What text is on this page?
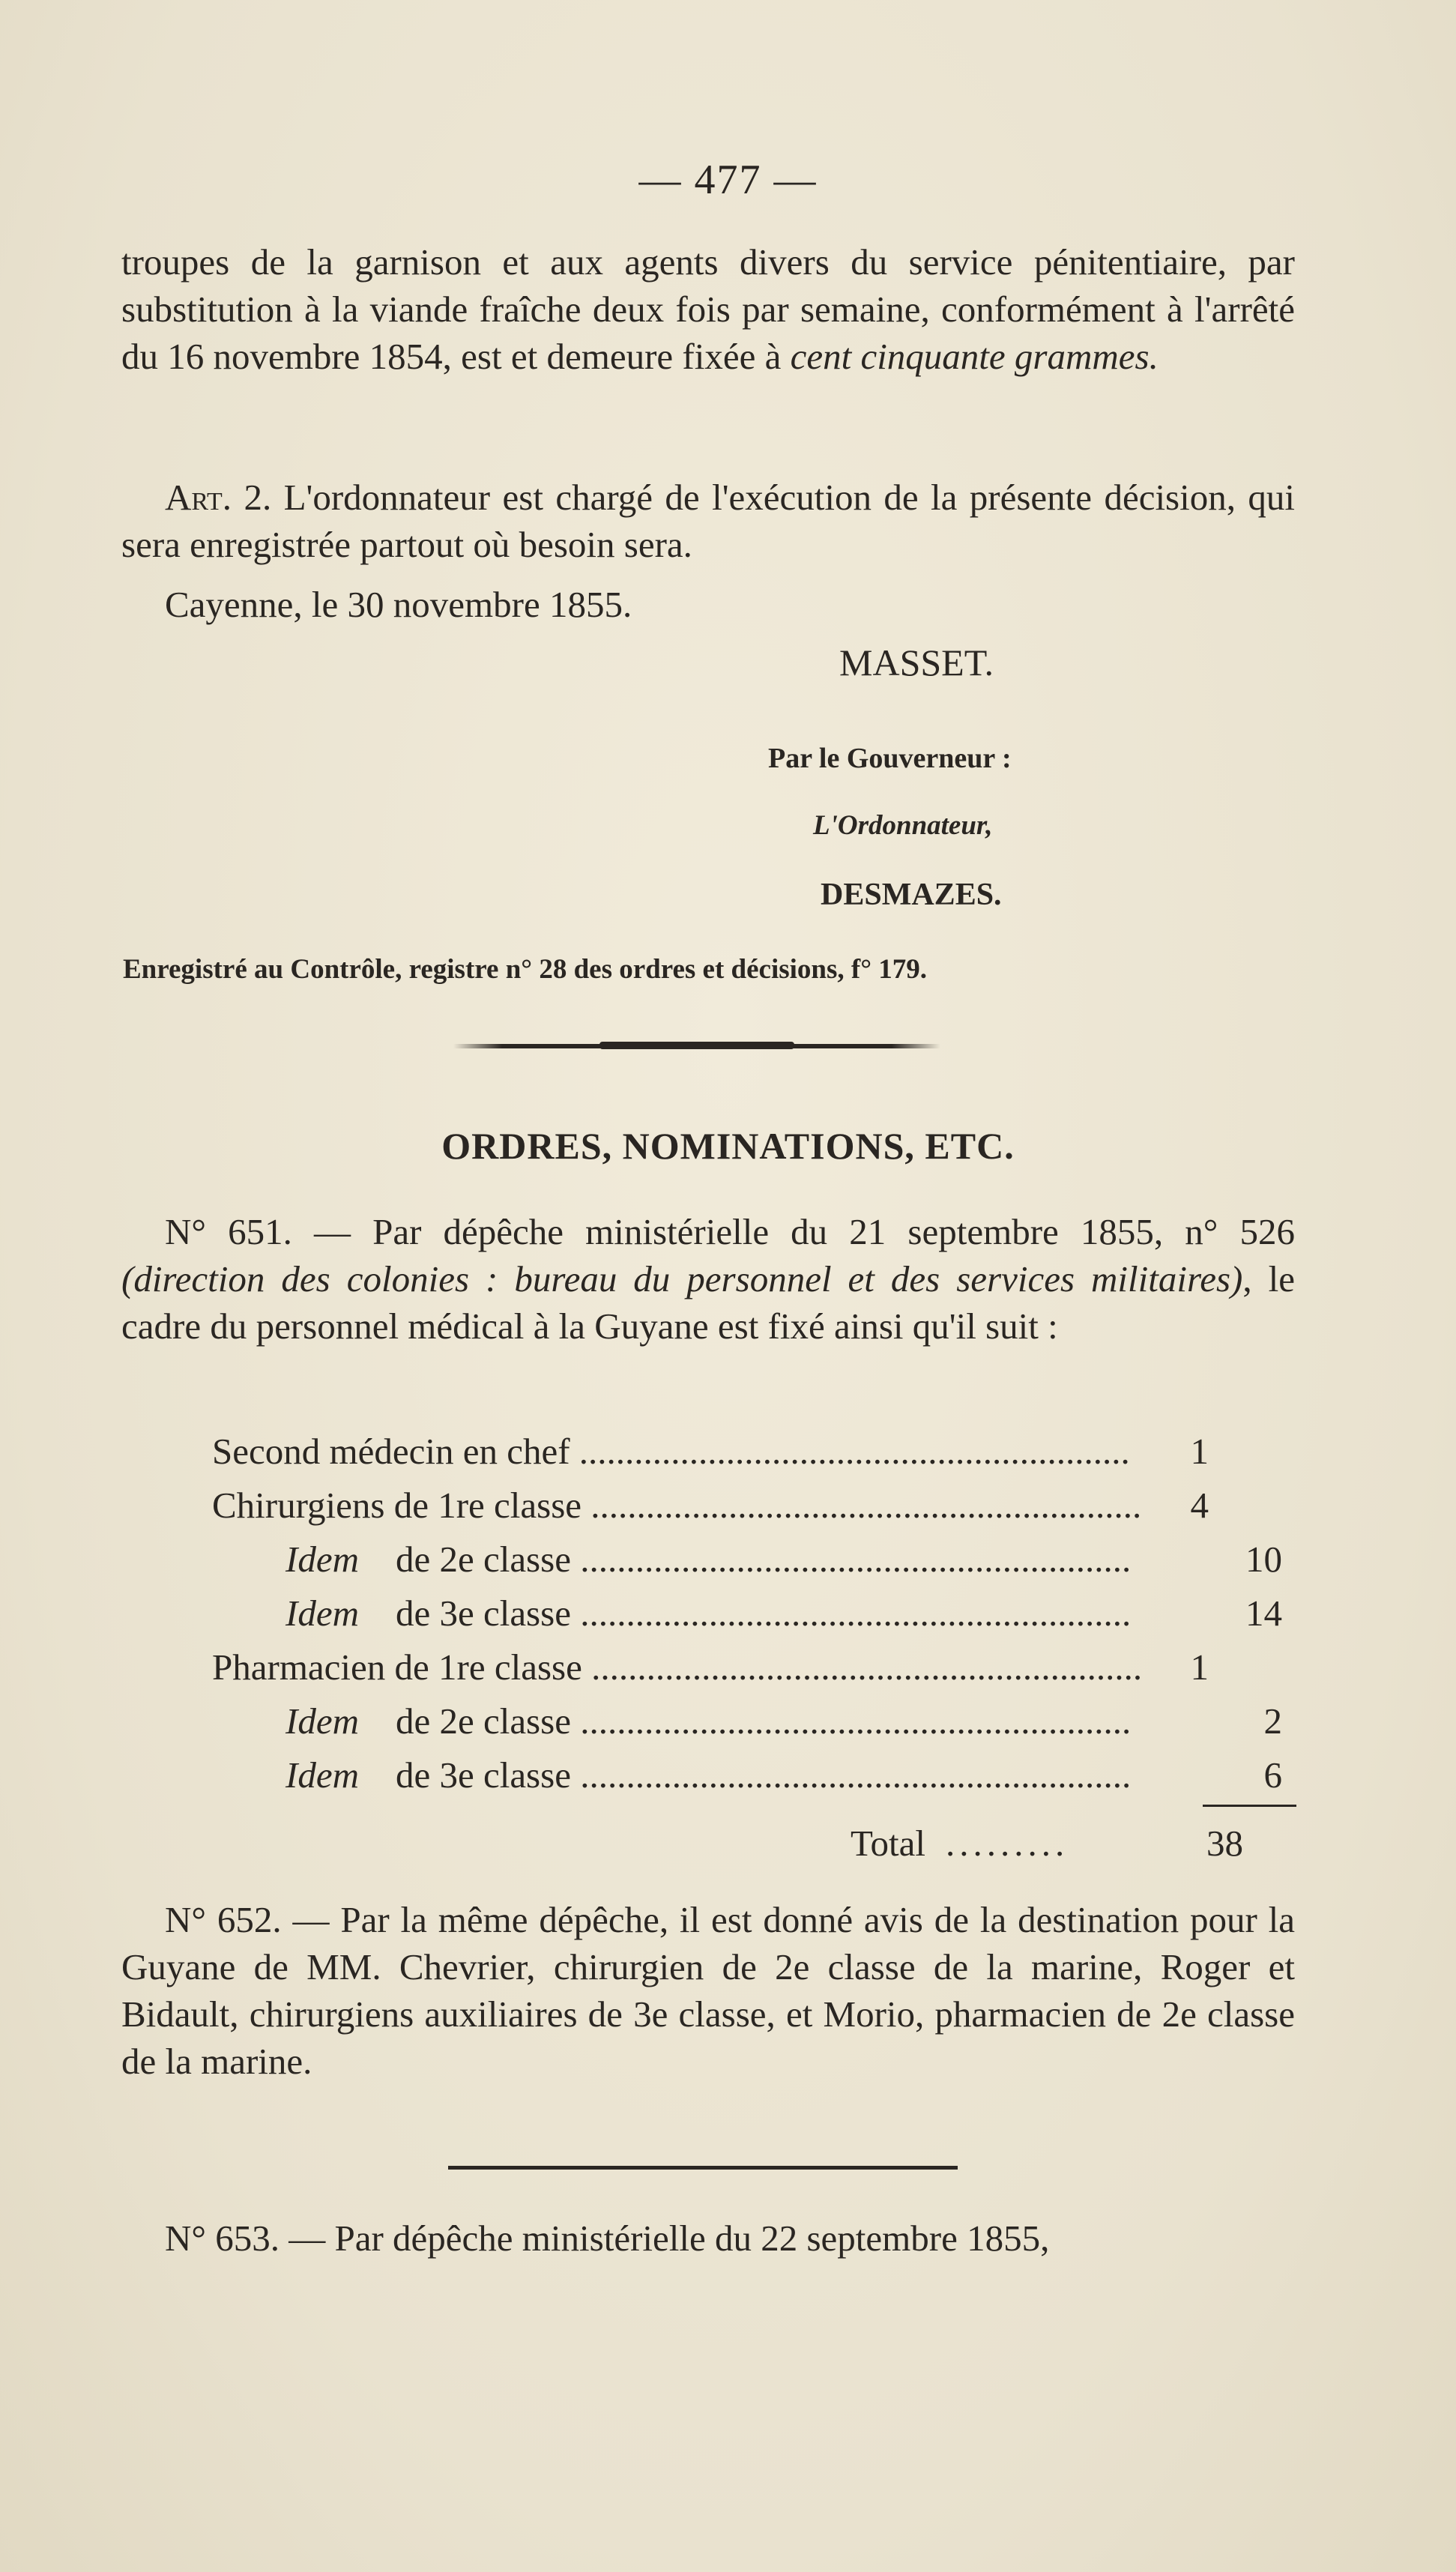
— 477 —

troupes de la garnison et aux agents divers du service pénitentiaire, par substitution à la viande fraîche deux fois par semaine, conformément à l'arrêté du 16 novembre 1854, est et demeure fixée à cent cinquante grammes.

Art. 2. L'ordonnateur est chargé de l'exécution de la présente décision, qui sera enregistrée partout où besoin sera.

Cayenne, le 30 novembre 1855.

MASSET.
Par le Gouverneur :
L'Ordonnateur,
DESMAZES.
Enregistré au Contrôle, registre n° 28 des ordres et décisions, f° 179.
ORDRES, NOMINATIONS, ETC.

N° 651. — Par dépêche ministérielle du 21 septembre 1855, n° 526 (direction des colonies : bureau du personnel et des services militaires), le cadre du personnel médical à la Guyane est fixé ainsi qu'il suit :

Second médecin en chef ............................................................ 1
Chirurgiens de 1re classe ............................................................ 4
Idem    de 2e classe ............................................................	10
Idem    de 3e classe ............................................................	14
Pharmacien de 1re classe ............................................................ 1
Idem    de 2e classe ............................................................	2
Idem    de 3e classe ............................................................	6
Total .........	38

N° 652. — Par la même dépêche, il est donné avis de la destination pour la Guyane de MM. Chevrier, chirurgien de 2e classe de la marine, Roger et Bidault, chirurgiens auxiliaires de 3e classe, et Morio, pharmacien de 2e classe de la marine.

N° 653. — Par dépêche ministérielle du 22 septembre 1855,
